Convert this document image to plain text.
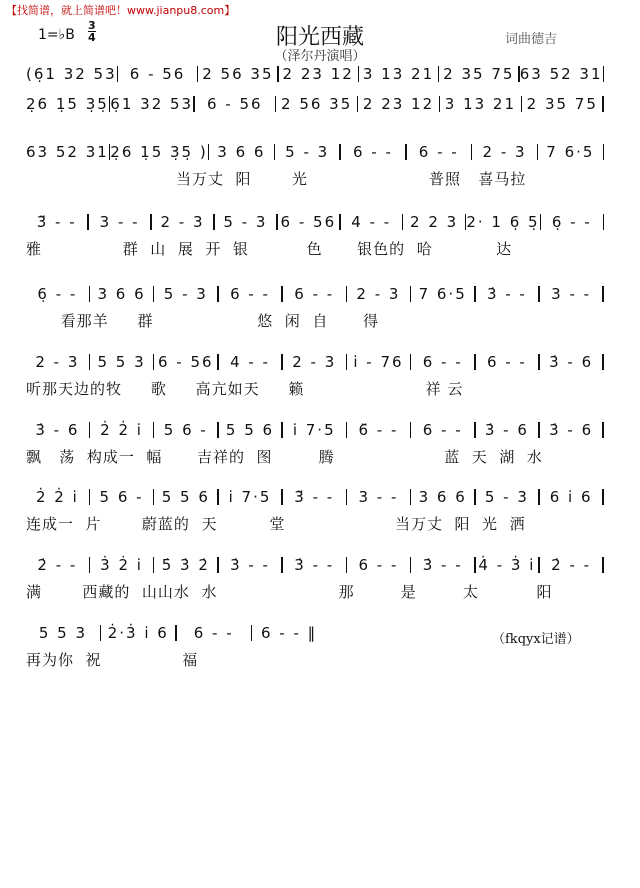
【找简谱，就上简谱吧！www.jianpu8.com】
1=♭B
3
4	阳光西藏	词曲德吉
（泽尔丹演唱）
(6̣1 32 53 6 - 56	2 56 35 2 23 12 3 13 21 2 35 75 63 52 31
2̣6 1̣5 3̣5̣ 6̣1 32 53 6 - 56	2 56 35 2 23 12 3 13 21 2 35 75
63 52 31 2̣6 1̣5 3̣5̣ ) 3 6 6	5 - 3	6 - -	6 - -	2 - 3	7 6·5
当万丈  阳       光                     普照   喜马拉
3̈ - -	3 - -	2 - 3	5 - 3 6 - 56	4 - -	2 2 3 2· 1 6̣ 5̣ 6̣ - -
雅              群  山  展  开  银          色      银色的  哈           达
6̣ - -	3 6 6	5 - 3	6 - -	6 - -	2 - 3	7 6·5	3̇ - -	3 - -
看那羊     群                  悠  闲  自      得
2 - 3	5 5 3 6 - 56	4 - -	2 - 3	i̇ - 76	6 - -	6 - -	3̇ - 6
听那天边的牧     歌     高亢如天     籁                     祥 云
3̇ - 6	2̇ 2̇ i̇	5 6 -	5 5 6	i̇ 7·5	6̈ - -	6 - -	3̇ - 6	3̇ - 6
飘   荡  构成一  幅      吉祥的  图        腾                   蓝  天  湖  水
2̇ 2̇ i̇	5 6 -	5 5 6	i̇ 7·5	3̈ - -	3 - -	3 6 6	5 - 3	6 i̇ 6
连成一  片       蔚蓝的  天         堂                   当万丈  阳  光  洒
2̇ - -	3̇ 2̇ i̇	5̇ 3̇ 2̇	3̇ - -	3̇ - -	6 - -	3̇ - -	4̇ - 3̇ i̇	2̇ - -
满       西藏的  山山水  水                     那        是        太          阳
5 5 3	2̇·3̇ i̇ 6	6 - -	6 - - ‖
再为你  祝              福
（fkqyx记谱）
